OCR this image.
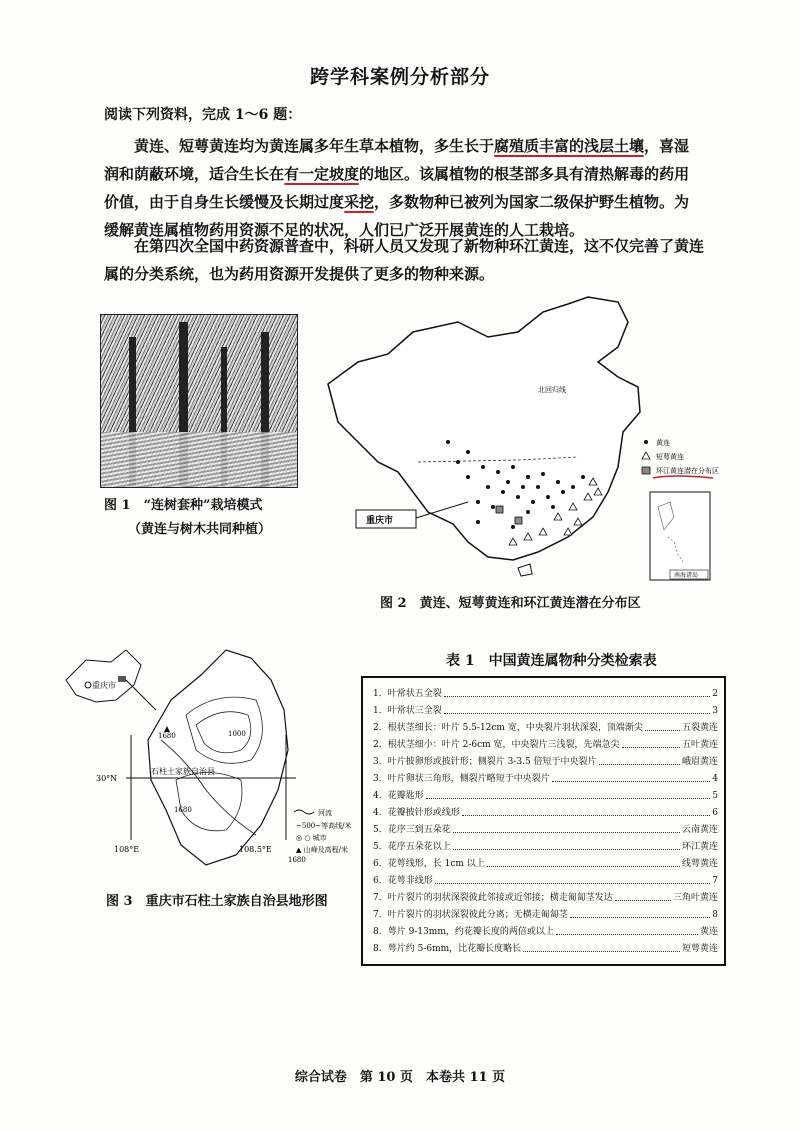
跨学科案例分析部分
阅读下列资料，完成 1～6 题：
黄连、短萼黄连均为黄连属多年生草本植物，多生长于腐殖质丰富的浅层土壤，喜湿润和荫蔽环境，适合生长在有一定坡度的地区。该属植物的根茎部多具有清热解毒的药用价值，由于自身生长缓慢及长期过度采挖，多数物种已被列为国家二级保护野生植物。为缓解黄连属植物药用资源不足的状况，人们已广泛开展黄连的人工栽培。
在第四次全国中药资源普查中，科研人员又发现了新物种环江黄连，这不仅完善了黄连属的分类系统，也为药用资源开发提供了更多的物种来源。
图 1　“连树套种”栽培模式
（黄连与树木共同种植）
北回归线
重庆市
黄连
短萼黄连
环江黄连潜在分布区
南海诸岛
图 2　黄连、短萼黄连和环江黄连潜在分布区
重庆市
30°N
108°E	108.5°E
石柱土家族自治县
1680	1000
1680	河流
~500~等高线/米
◎ ○ 城市
▲ 山峰及高程/米
1680
图 3　重庆市石柱土家族自治县地形图
表 1　中国黄连属物种分类检索表
1．叶常状五全裂	2
1．叶常状三全裂	3
2．根状茎细长：叶片 5.5-12cm 宽，中央裂片羽状深裂，顶端渐尖	五裂黄连
2．根状茎细小：叶片 2-6cm 宽，中央裂片三浅裂，先端急尖	五叶黄连
3．叶片披卵形或披针形；侧裂片 3-3.5 倍短于中央裂片	峨眉黄连
3．叶片卵状三角形，侧裂片略短于中央裂片	4
4．花瓣匙形	5
4．花瓣披针形或线形	6
5．花序三到五朵花	云南黄连
5．花序五朵花以上	环江黄连
6．花萼线形，长 1cm 以上	线萼黄连
6．花萼非线形	7
7．叶片裂片的羽状深裂彼此邻接或近邻接；横走匍匐茎发达	三角叶黄连
7．叶片裂片的羽状深裂彼此分离；无横走匍匐茎	8
8．萼片 9-13mm，约花瓣长度的两倍或以上	黄连
8．萼片约 5-6mm，比花瓣长度略长	短萼黄连
综合试卷　第 10 页　本卷共 11 页
